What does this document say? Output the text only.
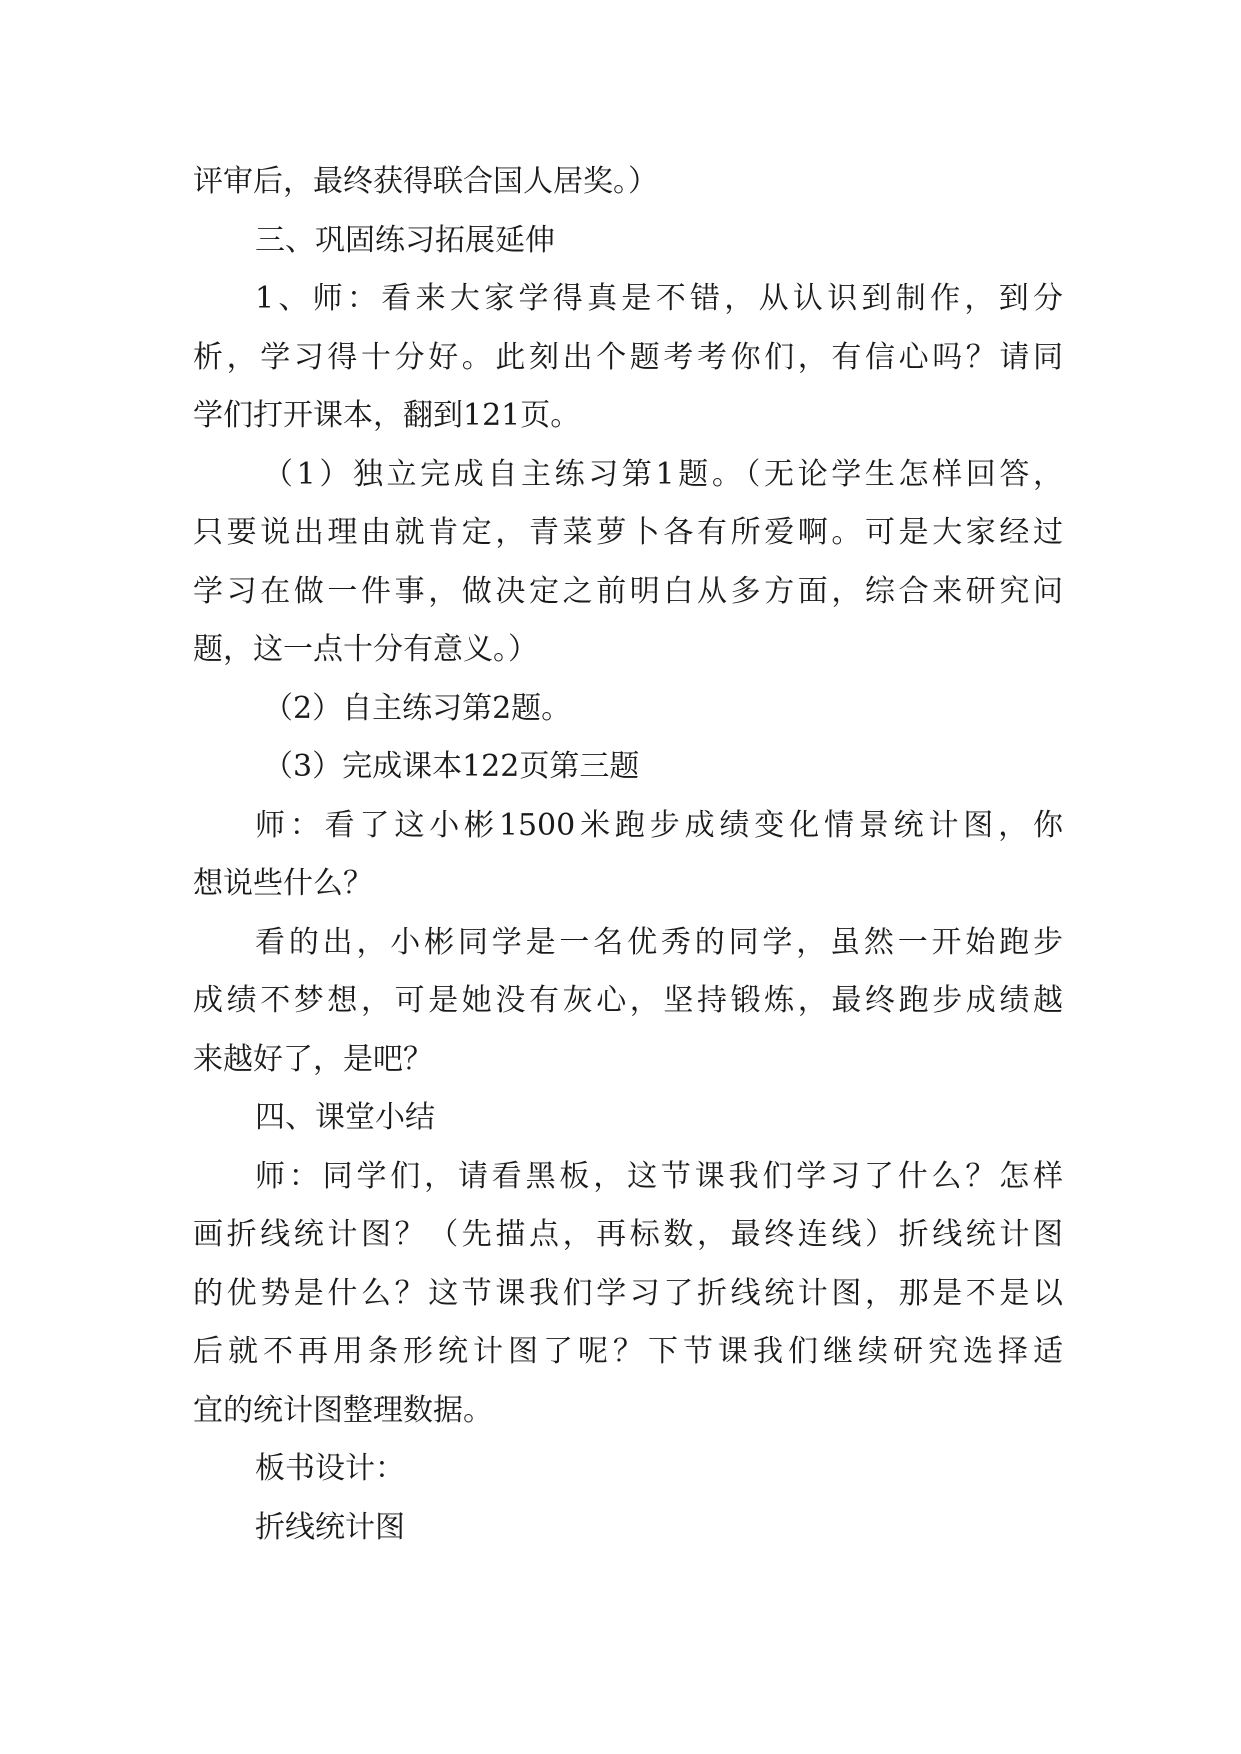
评审后，最终获得联合国人居奖。）
三、巩固练习拓展延伸
1、师：看来大家学得真是不错，从认识到制作，到分
析，学习得十分好。此刻出个题考考你们，有信心吗？请同
学们打开课本，翻到121页。
（1）独立完成自主练习第1题。（无论学生怎样回答，
只要说出理由就肯定，青菜萝卜各有所爱啊。可是大家经过
学习在做一件事，做决定之前明白从多方面，综合来研究问
题，这一点十分有意义。）
（2）自主练习第2题。
（3）完成课本122页第三题
师：看了这小彬1500米跑步成绩变化情景统计图，你
想说些什么？
看的出，小彬同学是一名优秀的同学，虽然一开始跑步
成绩不梦想，可是她没有灰心，坚持锻炼，最终跑步成绩越
来越好了，是吧？
四、课堂小结
师：同学们，请看黑板，这节课我们学习了什么？怎样
画折线统计图？（先描点，再标数，最终连线）折线统计图
的优势是什么？这节课我们学习了折线统计图，那是不是以
后就不再用条形统计图了呢？下节课我们继续研究选择适
宜的统计图整理数据。
板书设计：
折线统计图
